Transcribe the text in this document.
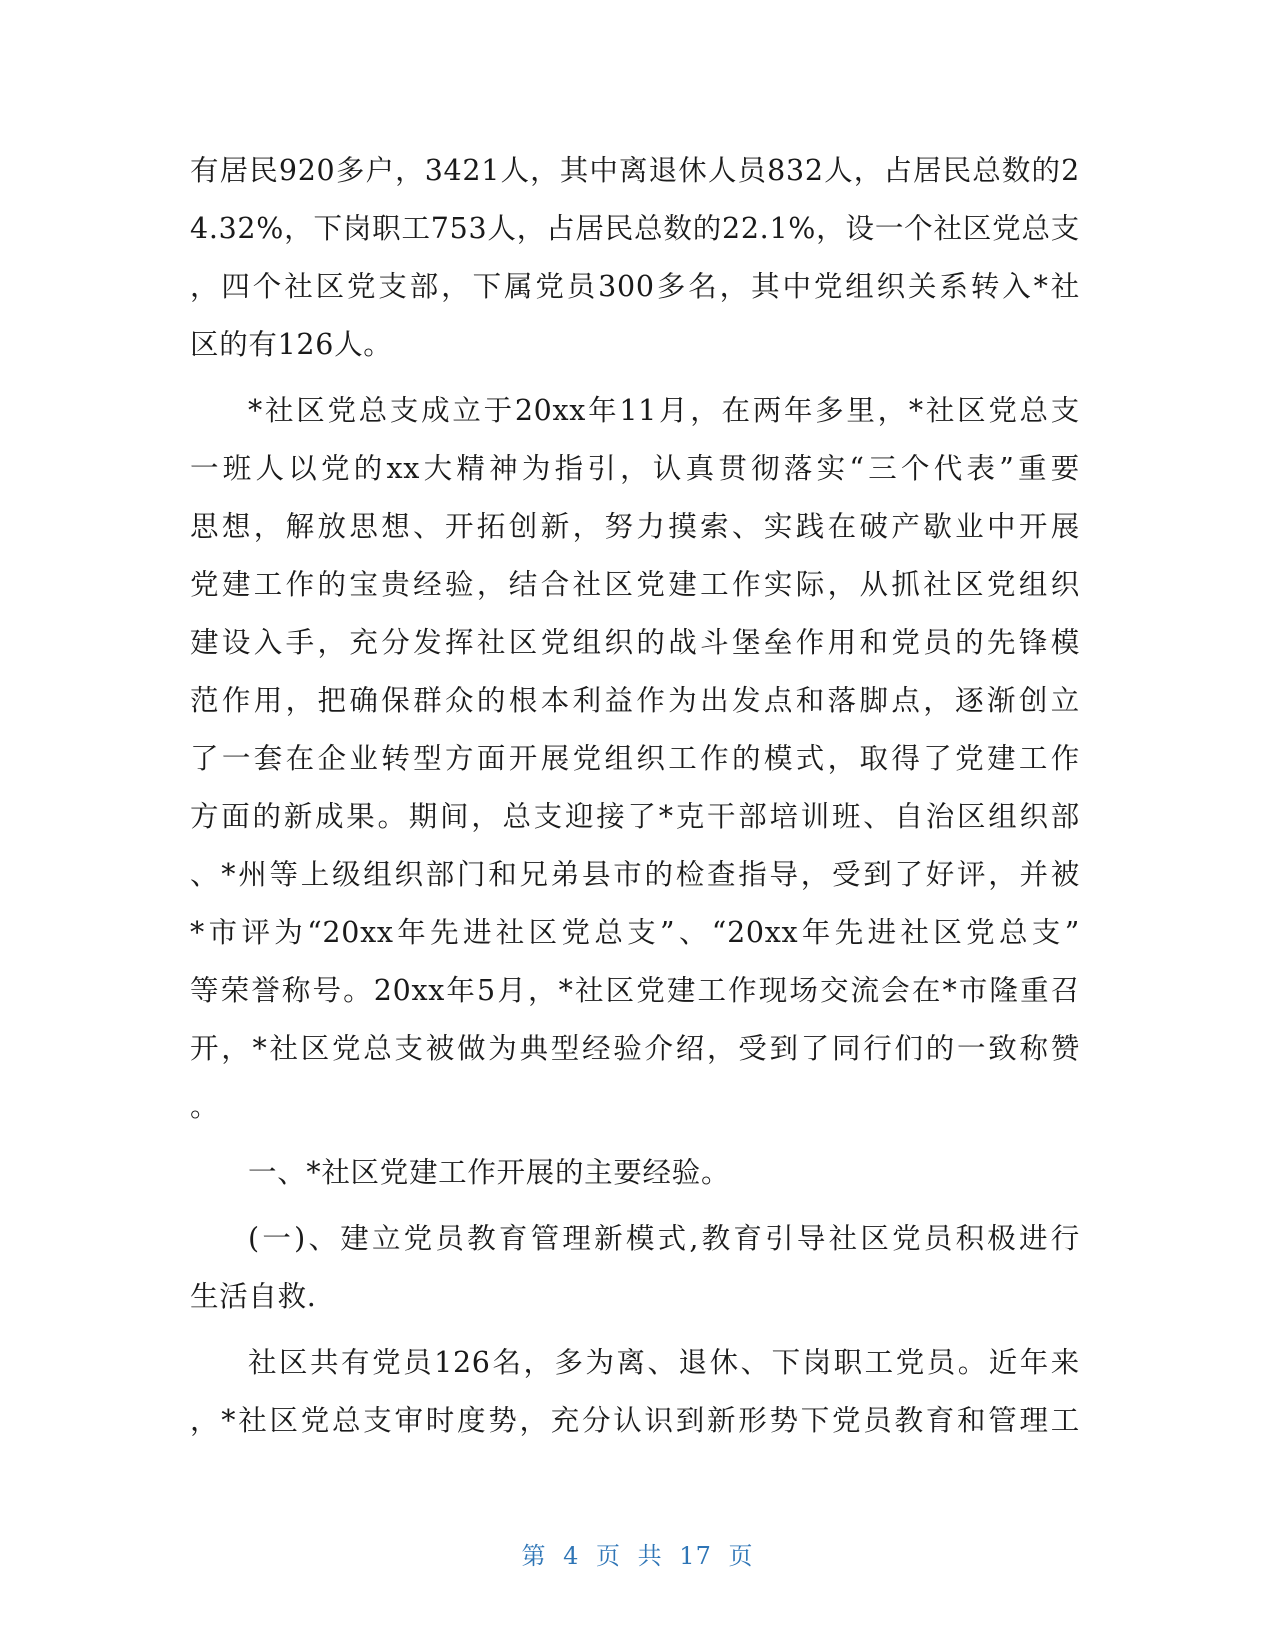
有居民920多户，3421人，其中离退休人员832人，占居民总数的2
4.32%，下岗职工753人，占居民总数的22.1%，设一个社区党总支
，四个社区党支部，下属党员300多名，其中党组织关系转入*社
区的有126人。
*社区党总支成立于20xx年11月，在两年多里，*社区党总支
一班人以党的xx大精神为指引，认真贯彻落实“三个代表”重要
思想，解放思想、开拓创新，努力摸索、实践在破产歇业中开展
党建工作的宝贵经验，结合社区党建工作实际，从抓社区党组织
建设入手，充分发挥社区党组织的战斗堡垒作用和党员的先锋模
范作用，把确保群众的根本利益作为出发点和落脚点，逐渐创立
了一套在企业转型方面开展党组织工作的模式，取得了党建工作
方面的新成果。期间，总支迎接了*克干部培训班、自治区组织部
、*州等上级组织部门和兄弟县市的检查指导，受到了好评，并被
*市评为“20xx年先进社区党总支”、“20xx年先进社区党总支”
等荣誉称号。20xx年5月，*社区党建工作现场交流会在*市隆重召
开，*社区党总支被做为典型经验介绍，受到了同行们的一致称赞
。
一、*社区党建工作开展的主要经验。
(一)、建立党员教育管理新模式,教育引导社区党员积极进行
生活自救.
社区共有党员126名，多为离、退休、下岗职工党员。近年来
，*社区党总支审时度势，充分认识到新形势下党员教育和管理工
第 4 页 共 17 页
